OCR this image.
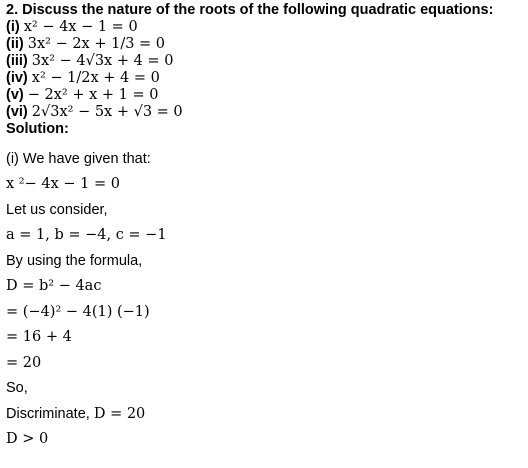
2. Discuss the nature of the roots of the following quadratic equations:
(i) x² − 4x − 1 = 0
(ii) 3x² − 2x + 1/3 = 0
(iii) 3x² − 4√3x + 4 = 0
(iv) x² − 1/2x + 4 = 0
(v) − 2x² + x + 1 = 0
(vi) 2√3x² − 5x + √3 = 0
Solution:
(i) We have given that:
x ²− 4x − 1 = 0
Let us consider,
a = 1, b = −4, c = −1
By using the formula,
D = b² − 4ac
= (−4)² − 4(1) (−1)
= 16 + 4
= 20
So,
Discriminate, D = 20
D > 0
